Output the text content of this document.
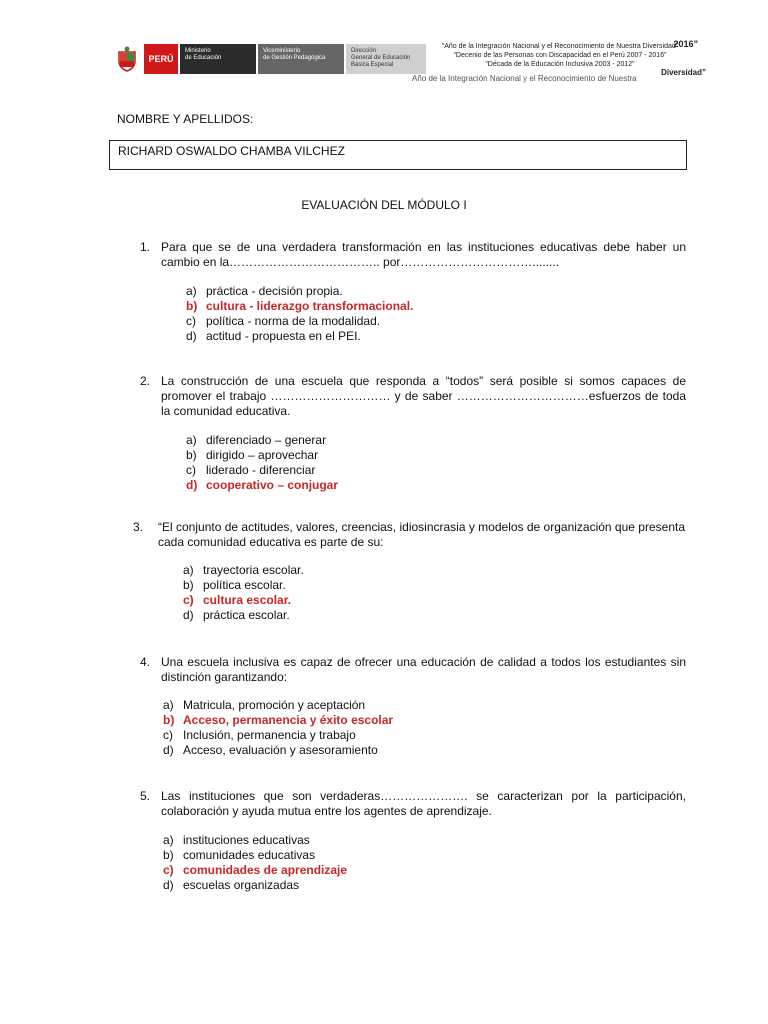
PERÚ
Ministerio
de Educación
Viceministerio
de Gestión Pedagógica
Dirección
General de Educación
Básica Especial
2016”
“Año de la Integración Nacional y el Reconocimiento de Nuestra Diversidad”
“Decenio de las Personas con Discapacidad en el Perú 2007 - 2016”
“Década de la Educación Inclusiva 2003 - 2012”
Año de la Integración Nacional y el Reconocimiento de Nuestra
Diversidad”
NOMBRE Y APELLIDOS:
RICHARD OSWALDO CHAMBA VILCHEZ
EVALUACIÓN DEL MÓDULO I
1. Para que se de una verdadera transformación en las instituciones educativas debe haber un cambio en la……………………………….. por……………………………........
a) práctica - decisión propia.
b) cultura - liderazgo transformacional.
c) política - norma de la modalidad.
d) actitud - propuesta en el PEI.
2. La construcción de una escuela que responda a “todos” será posible si somos capaces de promover el trabajo ………………………… y de saber ……………………………esfuerzos de toda la comunidad educativa.
a) diferenciado – generar
b) dirigido – aprovechar
c) liderado - diferenciar
d) cooperativo – conjugar
3.	“El conjunto de actitudes, valores, creencias, idiosincrasia y modelos de organización que presenta cada comunidad educativa es parte de su:
a) trayectoria escolar.
b) política escolar.
c) cultura escolar.
d) práctica escolar.
4. Una escuela inclusiva es capaz de ofrecer una educación de calidad a todos los estudiantes sin distinción garantizando:
a) Matricula, promoción y aceptación
b) Acceso, permanencia y éxito escolar
c) Inclusión, permanencia y trabajo
d) Acceso, evaluación y asesoramiento
5. Las instituciones que son verdaderas…………………. se caracterizan por la participación, colaboración y ayuda mutua entre los agentes de aprendizaje.
a) instituciones educativas
b) comunidades educativas
c) comunidades de aprendizaje
d) escuelas organizadas
